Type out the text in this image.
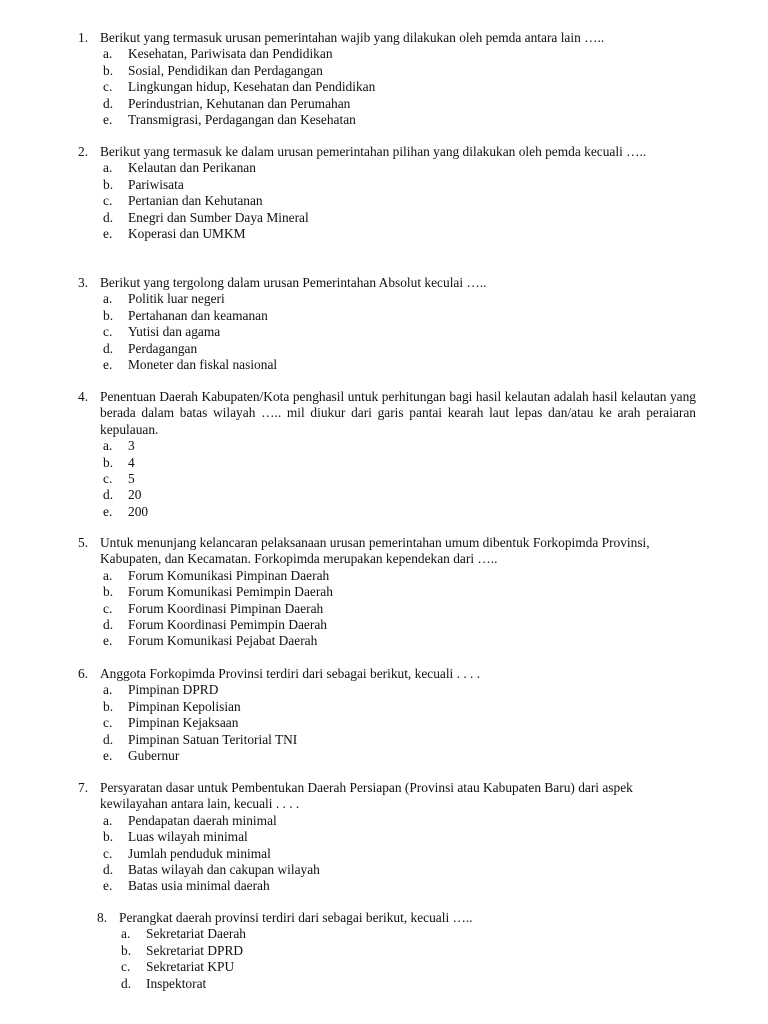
1. Berikut yang termasuk urusan pemerintahan wajib yang dilakukan oleh pemda antara lain …..
a.	Kesehatan, Pariwisata dan Pendidikan
b.	Sosial, Pendidikan dan Perdagangan
c.	Lingkungan hidup, Kesehatan dan Pendidikan
d.	Perindustrian, Kehutanan dan Perumahan
e.	Transmigrasi, Perdagangan dan Kesehatan
2. Berikut yang termasuk ke dalam urusan pemerintahan pilihan yang dilakukan oleh pemda kecuali …..
a.	Kelautan dan Perikanan
b.	Pariwisata
c.	Pertanian dan Kehutanan
d.	Enegri dan Sumber Daya Mineral
e.	Koperasi dan UMKM
3. Berikut yang tergolong dalam urusan Pemerintahan Absolut keculai …..
a.	Politik luar negeri
b.	Pertahanan dan keamanan
c.	Yutisi dan agama
d.	Perdagangan
e.	Moneter dan fiskal nasional
4. Penentuan Daerah Kabupaten/Kota penghasil untuk perhitungan bagi hasil kelautan adalah hasil kelautan yang berada dalam batas wilayah ….. mil diukur dari garis pantai kearah laut lepas dan/atau ke arah peraiaran kepulauan.
a.	3
b.	4
c.	5
d.	20
e.	200
5. Untuk menunjang kelancaran pelaksanaan urusan pemerintahan umum dibentuk Forkopimda Provinsi, Kabupaten, dan Kecamatan. Forkopimda merupakan kependekan dari …..
a.	Forum Komunikasi Pimpinan Daerah
b.	Forum Komunikasi Pemimpin Daerah
c.	Forum Koordinasi Pimpinan Daerah
d.	Forum Koordinasi Pemimpin Daerah
e.	Forum Komunikasi Pejabat Daerah
6. Anggota Forkopimda Provinsi terdiri dari sebagai berikut, kecuali . . . .
a.	Pimpinan DPRD
b.	Pimpinan Kepolisian
c.	Pimpinan Kejaksaan
d.	Pimpinan Satuan Teritorial TNI
e.	Gubernur
7. Persyaratan dasar untuk Pembentukan Daerah Persiapan (Provinsi atau Kabupaten Baru) dari aspek kewilayahan antara lain, kecuali . . . .
a.	Pendapatan daerah minimal
b.	Luas wilayah minimal
c.	Jumlah penduduk minimal
d.	Batas wilayah dan cakupan wilayah
e.	Batas usia minimal daerah
8. Perangkat daerah provinsi terdiri dari sebagai berikut, kecuali …..
a.	Sekretariat Daerah
b.	Sekretariat DPRD
c.	Sekretariat KPU
d.	Inspektorat
